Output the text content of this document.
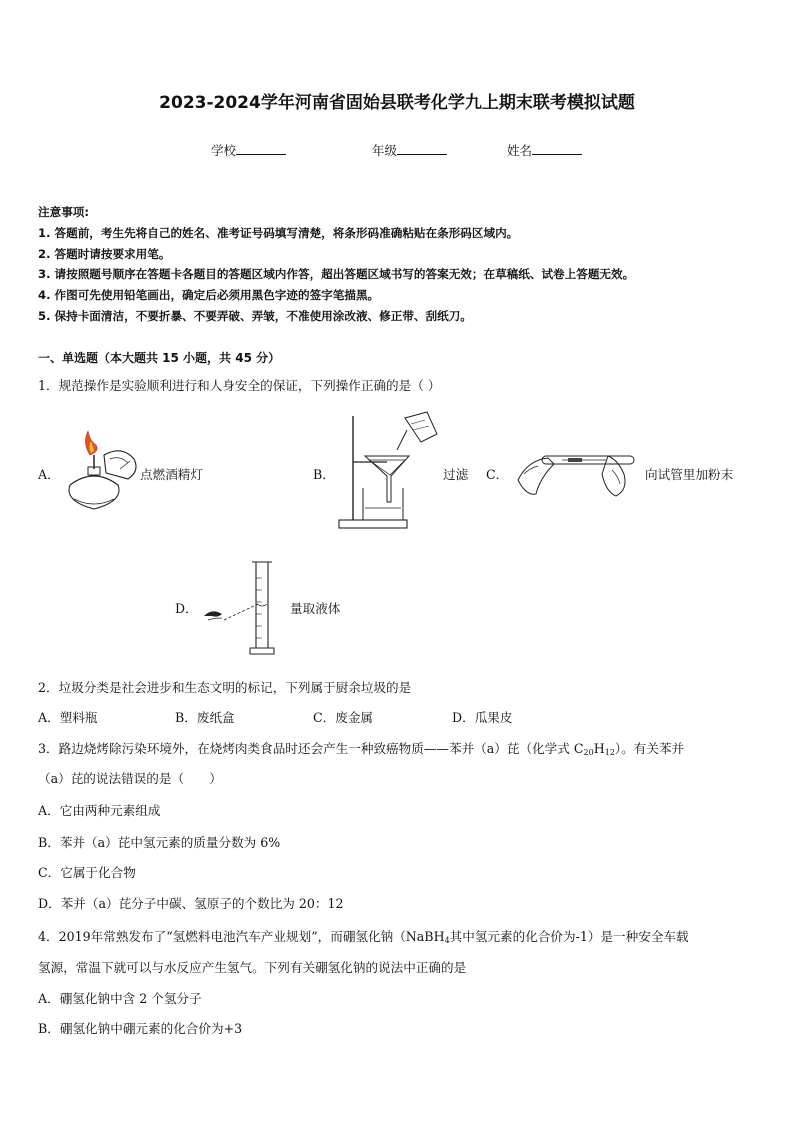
2023-2024学年河南省固始县联考化学九上期末联考模拟试题
学校	年级	姓名
注意事项:
1. 答题前，考生先将自己的姓名、准考证号码填写清楚，将条形码准确粘贴在条形码区域内。
2. 答题时请按要求用笔。
3. 请按照题号顺序在答题卡各题目的答题区域内作答，超出答题区域书写的答案无效；在草稿纸、试卷上答题无效。
4. 作图可先使用铅笔画出，确定后必须用黑色字迹的签字笔描黑。
5. 保持卡面清洁，不要折暴、不要弄破、弄皱，不准使用涂改液、修正带、刮纸刀。
一、单选题（本大题共 15 小题，共 45 分）
1．规范操作是实验顺利进行和人身安全的保证，下列操作正确的是（ ）
A．	点燃酒精灯	B．	过滤 C．	向试管里加粉末
D．	量取液体
2．垃圾分类是社会进步和生态文明的标记，下列属于厨余垃圾的是
A．塑料瓶	B．废纸盒	C．废金属	D．瓜果皮
3．路边烧烤除污染环境外，在烧烤肉类食品时还会产生一种致癌物质——苯并（a）芘（化学式 $C_{20}H_{12}$）。有关苯并
（a）芘的说法错误的是（　　）
A．它由两种元素组成
B．苯并（a）芘中氢元素的质量分数为 6%
C．它属于化合物
D．苯并（a）芘分子中碳、氢原子的个数比为 20：12
4．2019年常熟发布了“氢燃料电池汽车产业规划”，而硼氢化钠（NaBH$_4$其中氢元素的化合价为-1）是一种安全车载
氢源，常温下就可以与水反应产生氢气。下列有关硼氢化钠的说法中正确的是
A．硼氢化钠中含 2 个氢分子
B．硼氢化钠中硼元素的化合价为+3
